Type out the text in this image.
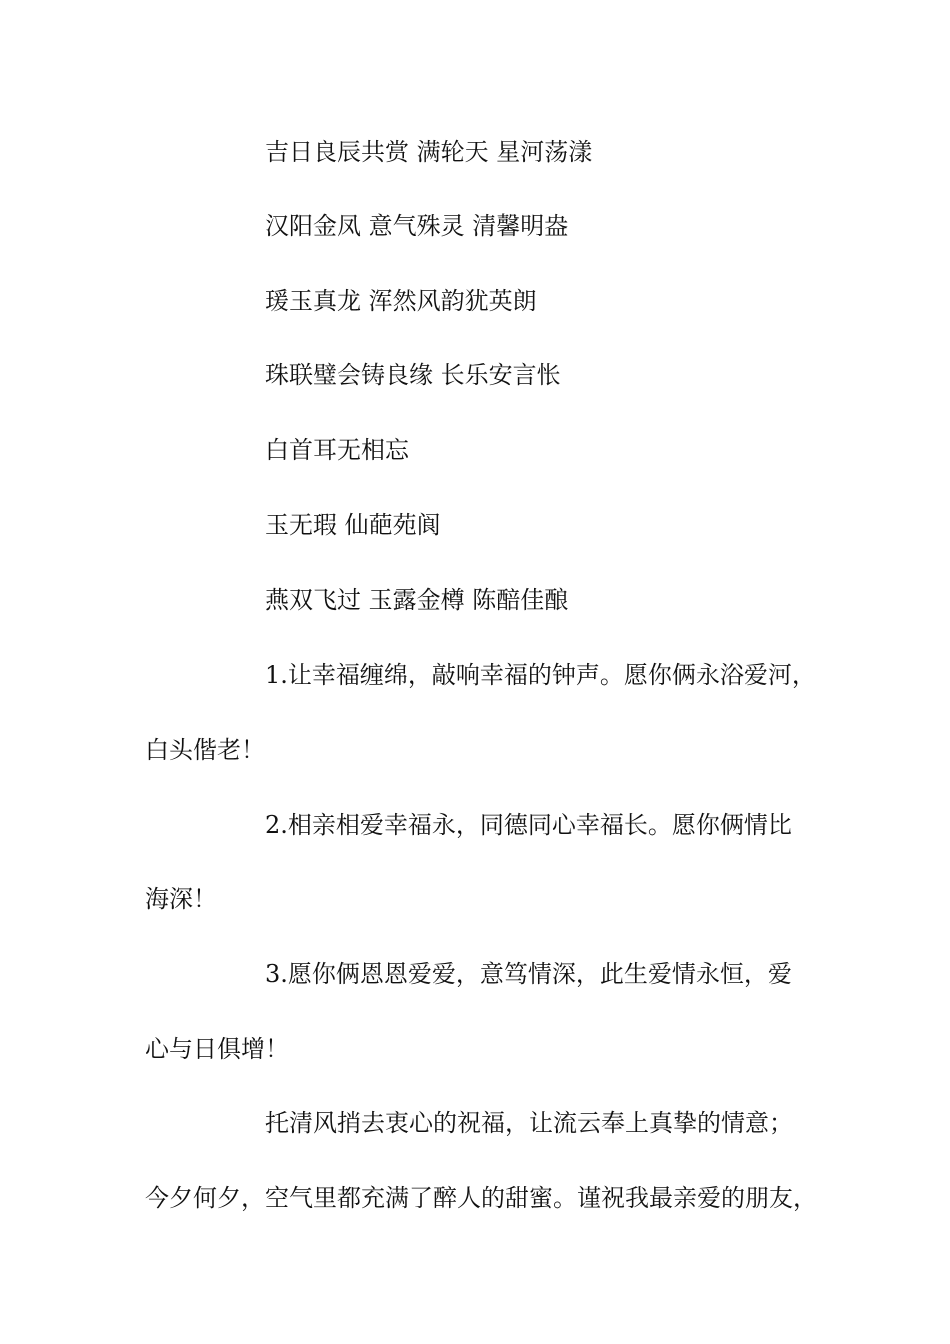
吉日良辰共赏 满轮天 星河荡漾
汉阳金凤 意气殊灵 清馨明盎
瑗玉真龙 浑然风韵犹英朗
珠联璧会铸良缘 长乐安言怅
白首耳无相忘
玉无瑕 仙葩苑阆
燕双飞过 玉露金樽 陈醅佳酿
1.让幸福缠绵，敲响幸福的钟声。愿你俩永浴爱河，
白头偕老！
2.相亲相爱幸福永，同德同心幸福长。愿你俩情比
海深！
3.愿你俩恩恩爱爱，意笃情深，此生爱情永恒，爱
心与日俱增！
托清风捎去衷心的祝福，让流云奉上真挚的情意；
今夕何夕，空气里都充满了醉人的甜蜜。谨祝我最亲爱的朋友，
